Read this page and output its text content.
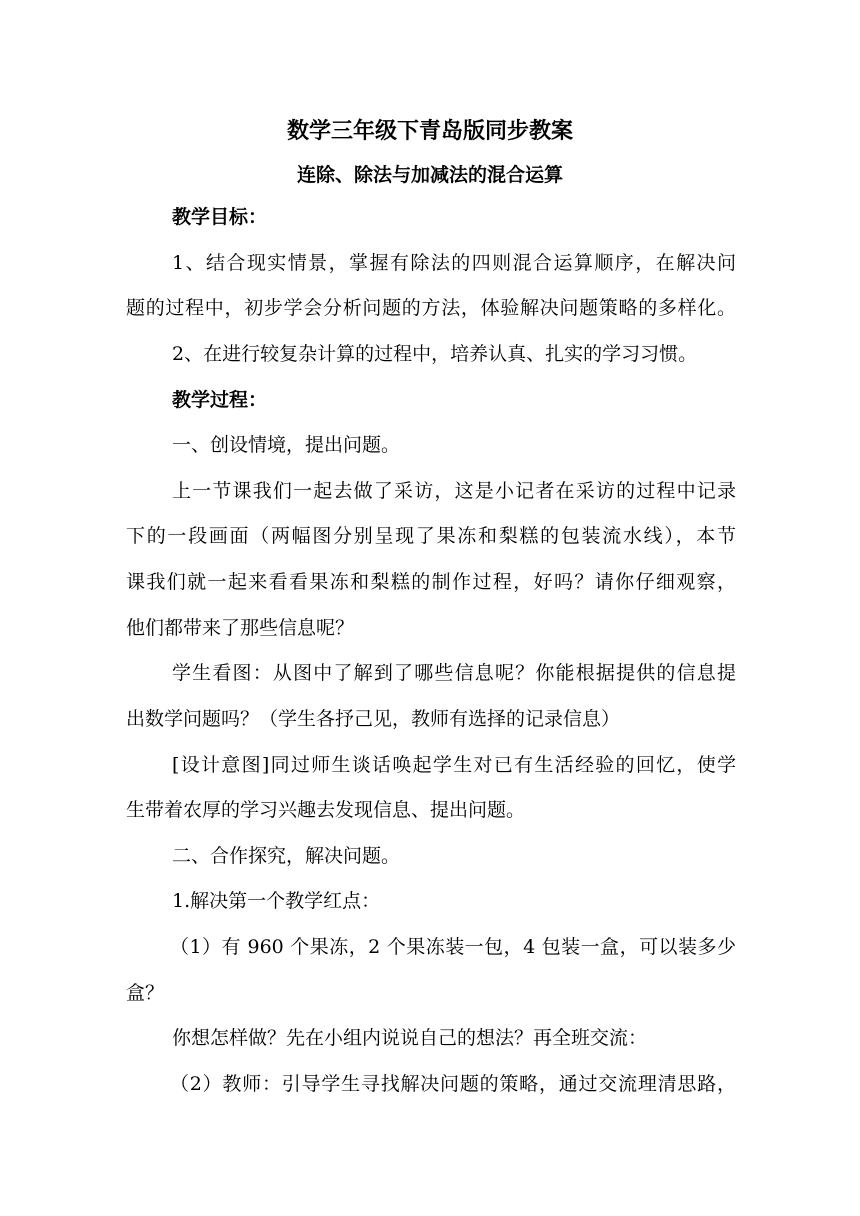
数学三年级下青岛版同步教案
连除、除法与加减法的混合运算
教学目标：
1、结合现实情景，掌握有除法的四则混合运算顺序，在解决问
题的过程中，初步学会分析问题的方法，体验解决问题策略的多样化。
2、在进行较复杂计算的过程中，培养认真、扎实的学习习惯。
教学过程：
一、创设情境，提出问题。
上一节课我们一起去做了采访，这是小记者在采访的过程中记录
下的一段画面（两幅图分别呈现了果冻和梨糕的包装流水线），本节
课我们就一起来看看果冻和梨糕的制作过程，好吗？请你仔细观察，
他们都带来了那些信息呢？
学生看图：从图中了解到了哪些信息呢？你能根据提供的信息提
出数学问题吗？（学生各抒己见，教师有选择的记录信息）
[设计意图]同过师生谈话唤起学生对已有生活经验的回忆，使学
生带着农厚的学习兴趣去发现信息、提出问题。
二、合作探究，解决问题。
1.解决第一个教学红点：
（1）有 960 个果冻，2 个果冻装一包，4 包装一盒，可以装多少
盒？
你想怎样做？先在小组内说说自己的想法？再全班交流：
（2）教师：引导学生寻找解决问题的策略，通过交流理清思路，
